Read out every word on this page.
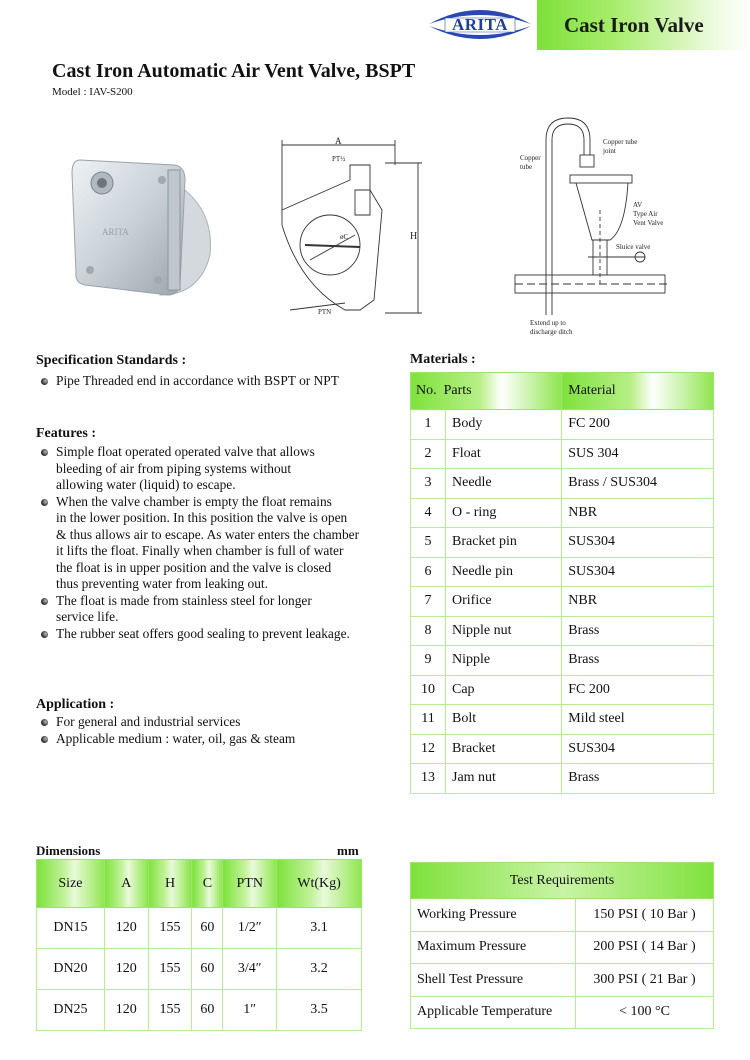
ARITA	Cast Iron Valve
Cast Iron Automatic Air Vent Valve, BSPT
Model : IAV-S200
ARITA
A
PT½
øC	H
PTN
Copper
tube
Copper tube
joint
AV
Type Air
Vent Valve
Sluice valve
Extend up to
discharge ditch
Specification Standards :
Pipe Threaded end in accordance with BSPT or NPT
Features :
Simple float operated operated valve that allows
bleeding of air from piping systems without
allowing water (liquid) to escape.
When the valve chamber is empty the float remains
in the lower position. In this position the valve is open
& thus allows air to escape. As water enters the chamber
it lifts the float. Finally when chamber is full of water
the float is in upper position and the valve is closed
thus preventing water from leaking out.
The float is made from stainless steel for longer
service life.
The rubber seat offers good sealing to prevent leakage.
Application :
For general and industrial services
Applicable medium : water, oil, gas & steam
Materials :
No. Parts		Material
1	Body	FC 200
2	Float	SUS 304
3	Needle	Brass / SUS304
4	O - ring	NBR
5	Bracket pin	SUS304
6	Needle pin	SUS304
7	Orifice	NBR
8	Nipple nut	Brass
9	Nipple	Brass
10	Cap	FC 200
11	Bolt	Mild steel
12	Bracket	SUS304
13	Jam nut	Brass
Dimensions	mm
Size	A	H	C	PTN	Wt(Kg)
DN15	120	155	60	1/2″	3.1
DN20	120	155	60	3/4″	3.2
DN25	120	155	60	1″	3.5
Test Requirements	
Working Pressure	150 PSI ( 10 Bar )
Maximum Pressure	200 PSI ( 14 Bar )
Shell Test Pressure	300 PSI ( 21 Bar )
Applicable Temperature	< 100 °C
